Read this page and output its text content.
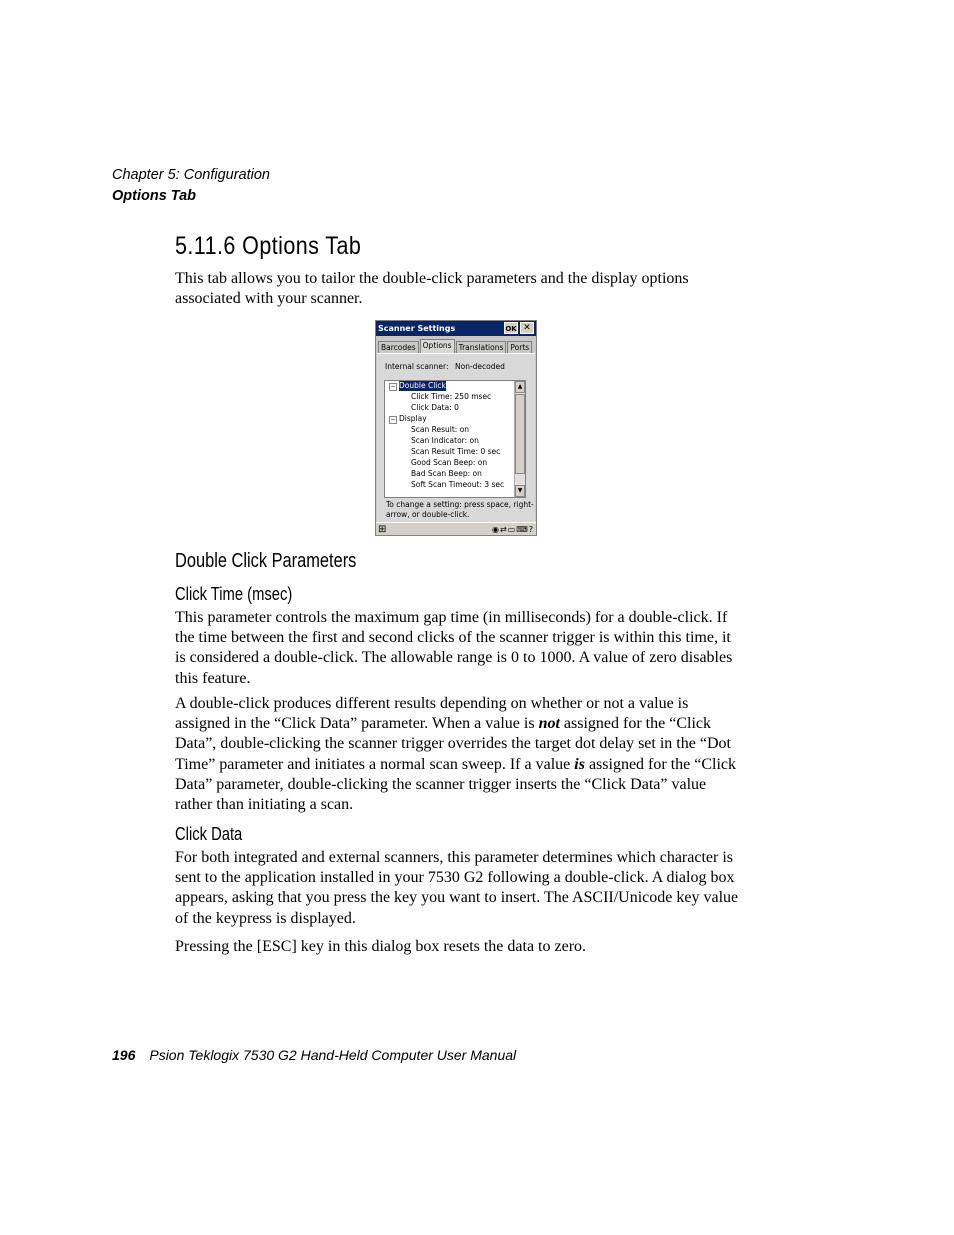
Chapter 5: Configuration
Options Tab
5.11.6 Options Tab
This tab allows you to tailor the double-click parameters and the display options associated with your scanner.
Scanner Settings	OK ✕
Barcodes Options Translations Ports
Internal scanner: Non-decoded
− Double Click
Click Time: 250 msec
Click Data: 0
− Display
Scan Result: on
Scan Indicator: on
Scan Result Time: 0 sec
Good Scan Beep: on
Bad Scan Beep: on
Soft Scan Timeout: 3 sec
▲
▼
To change a setting: press space, right-arrow, or double-click.
⊞	◉⇄▭⌨?
Double Click Parameters
Click Time (msec)
This parameter controls the maximum gap time (in milliseconds) for a double-click. If the time between the first and second clicks of the scanner trigger is within this time, it is considered a double-click. The allowable range is 0 to 1000. A value of zero disables this feature.
A double-click produces different results depending on whether or not a value is assigned in the “Click Data” parameter. When a value is not assigned for the “Click Data”, double-clicking the scanner trigger overrides the target dot delay set in the “Dot Time” parameter and initiates a normal scan sweep. If a value is assigned for the “Click Data” parameter, double-clicking the scanner trigger inserts the “Click Data” value rather than initiating a scan.
Click Data
For both integrated and external scanners, this parameter determines which character is sent to the application installed in your 7530 G2 following a double-click. A dialog box appears, asking that you press the key you want to insert. The ASCII/Unicode key value of the keypress is displayed.
Pressing the [ESC] key in this dialog box resets the data to zero.
196 Psion Teklogix 7530 G2 Hand-Held Computer User Manual
